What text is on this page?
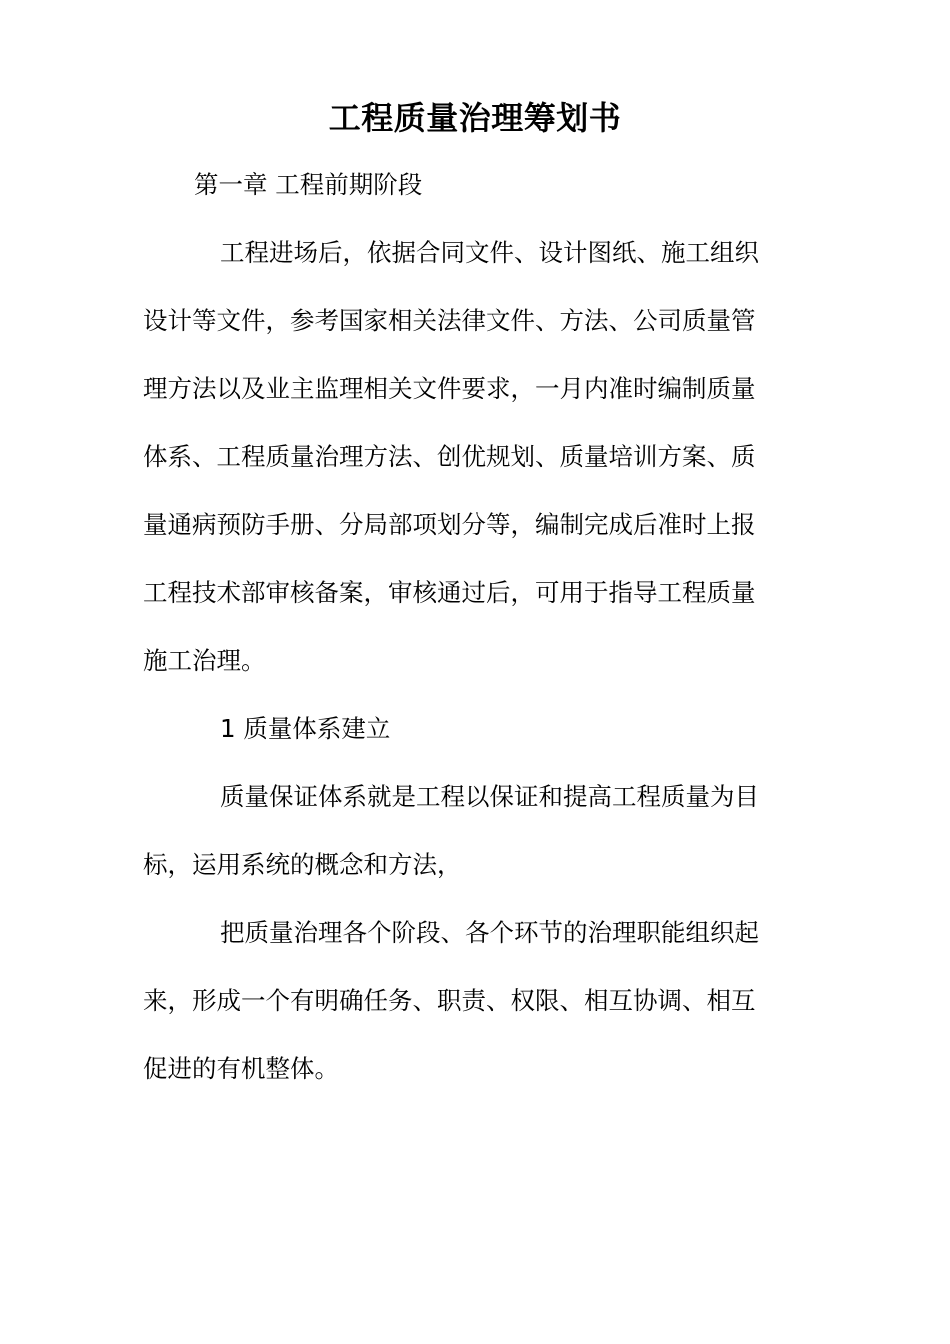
工程质量治理筹划书
第一章 工程前期阶段
工程进场后，依据合同文件、设计图纸、施工组织
设计等文件，参考国家相关法律文件、方法、公司质量管
理方法以及业主监理相关文件要求，一月内准时编制质量
体系、工程质量治理方法、创优规划、质量培训方案、质
量通病预防手册、分局部项划分等，编制完成后准时上报
工程技术部审核备案，审核通过后，可用于指导工程质量
施工治理。
1 质量体系建立
质量保证体系就是工程以保证和提高工程质量为目
标，运用系统的概念和方法，
把质量治理各个阶段、各个环节的治理职能组织起
来，形成一个有明确任务、职责、权限、相互协调、相互
促进的有机整体。
